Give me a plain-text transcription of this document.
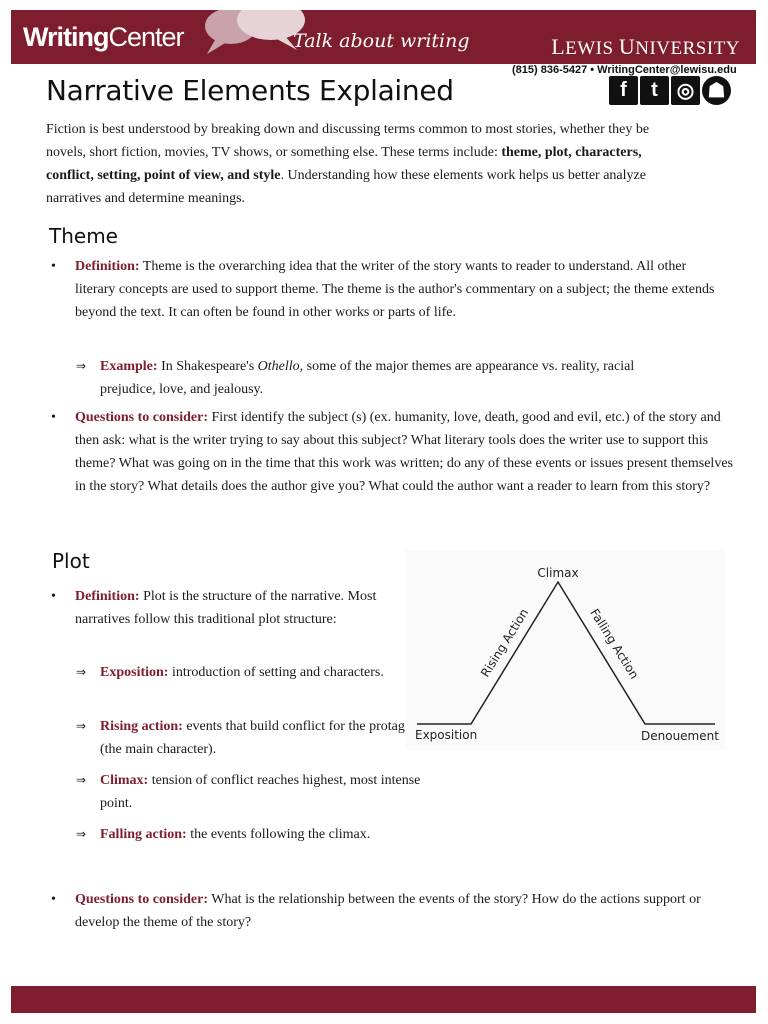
WritingCenter	Talk about writing	LEWIS UNIVERSITY
(815) 836-5427 • WritingCenter@lewisu.edu
f	t ◎ ☗
Narrative Elements Explained

Fiction is best understood by breaking down and discussing terms common to most stories, whether they be novels, short fiction, movies, TV shows, or something else. These terms include: theme, plot, characters, conflict, setting, point of view, and style. Understanding how these elements work helps us better analyze narratives and determine meanings.

Theme

• Definition: Theme is the overarching idea that the writer of the story wants to reader to understand. All other literary concepts are used to support theme. The theme is the author's commentary on a subject; the theme extends beyond the text. It can often be found in other works or parts of life.

⇒ Example: In Shakespeare's Othello, some of the major themes are appearance vs. reality, racial prejudice, love, and jealousy.

• Questions to consider: First identify the subject (s) (ex. humanity, love, death, good and evil, etc.) of the story and then ask: what is the writer trying to say about this subject? What literary tools does the writer use to support this theme? What was going on in the time that this work was written; do any of these events or issues present themselves in the story? What details does the author give you? What could the author want a reader to learn from this story?

Plot

• Definition: Plot is the structure of the narrative. Most narratives follow this traditional plot structure:

⇒ Exposition: introduction of setting and characters.

⇒ Rising action: events that build conflict for the protagonist (the main character).

⇒ Climax: tension of conflict reaches highest, most intense point.

⇒ Falling action: the events following the climax.

• Questions to consider: What is the relationship between the events of the story? How do the actions support or develop the theme of the story?

Climax
Rising Action	Falling Action
Exposition	Denouement
